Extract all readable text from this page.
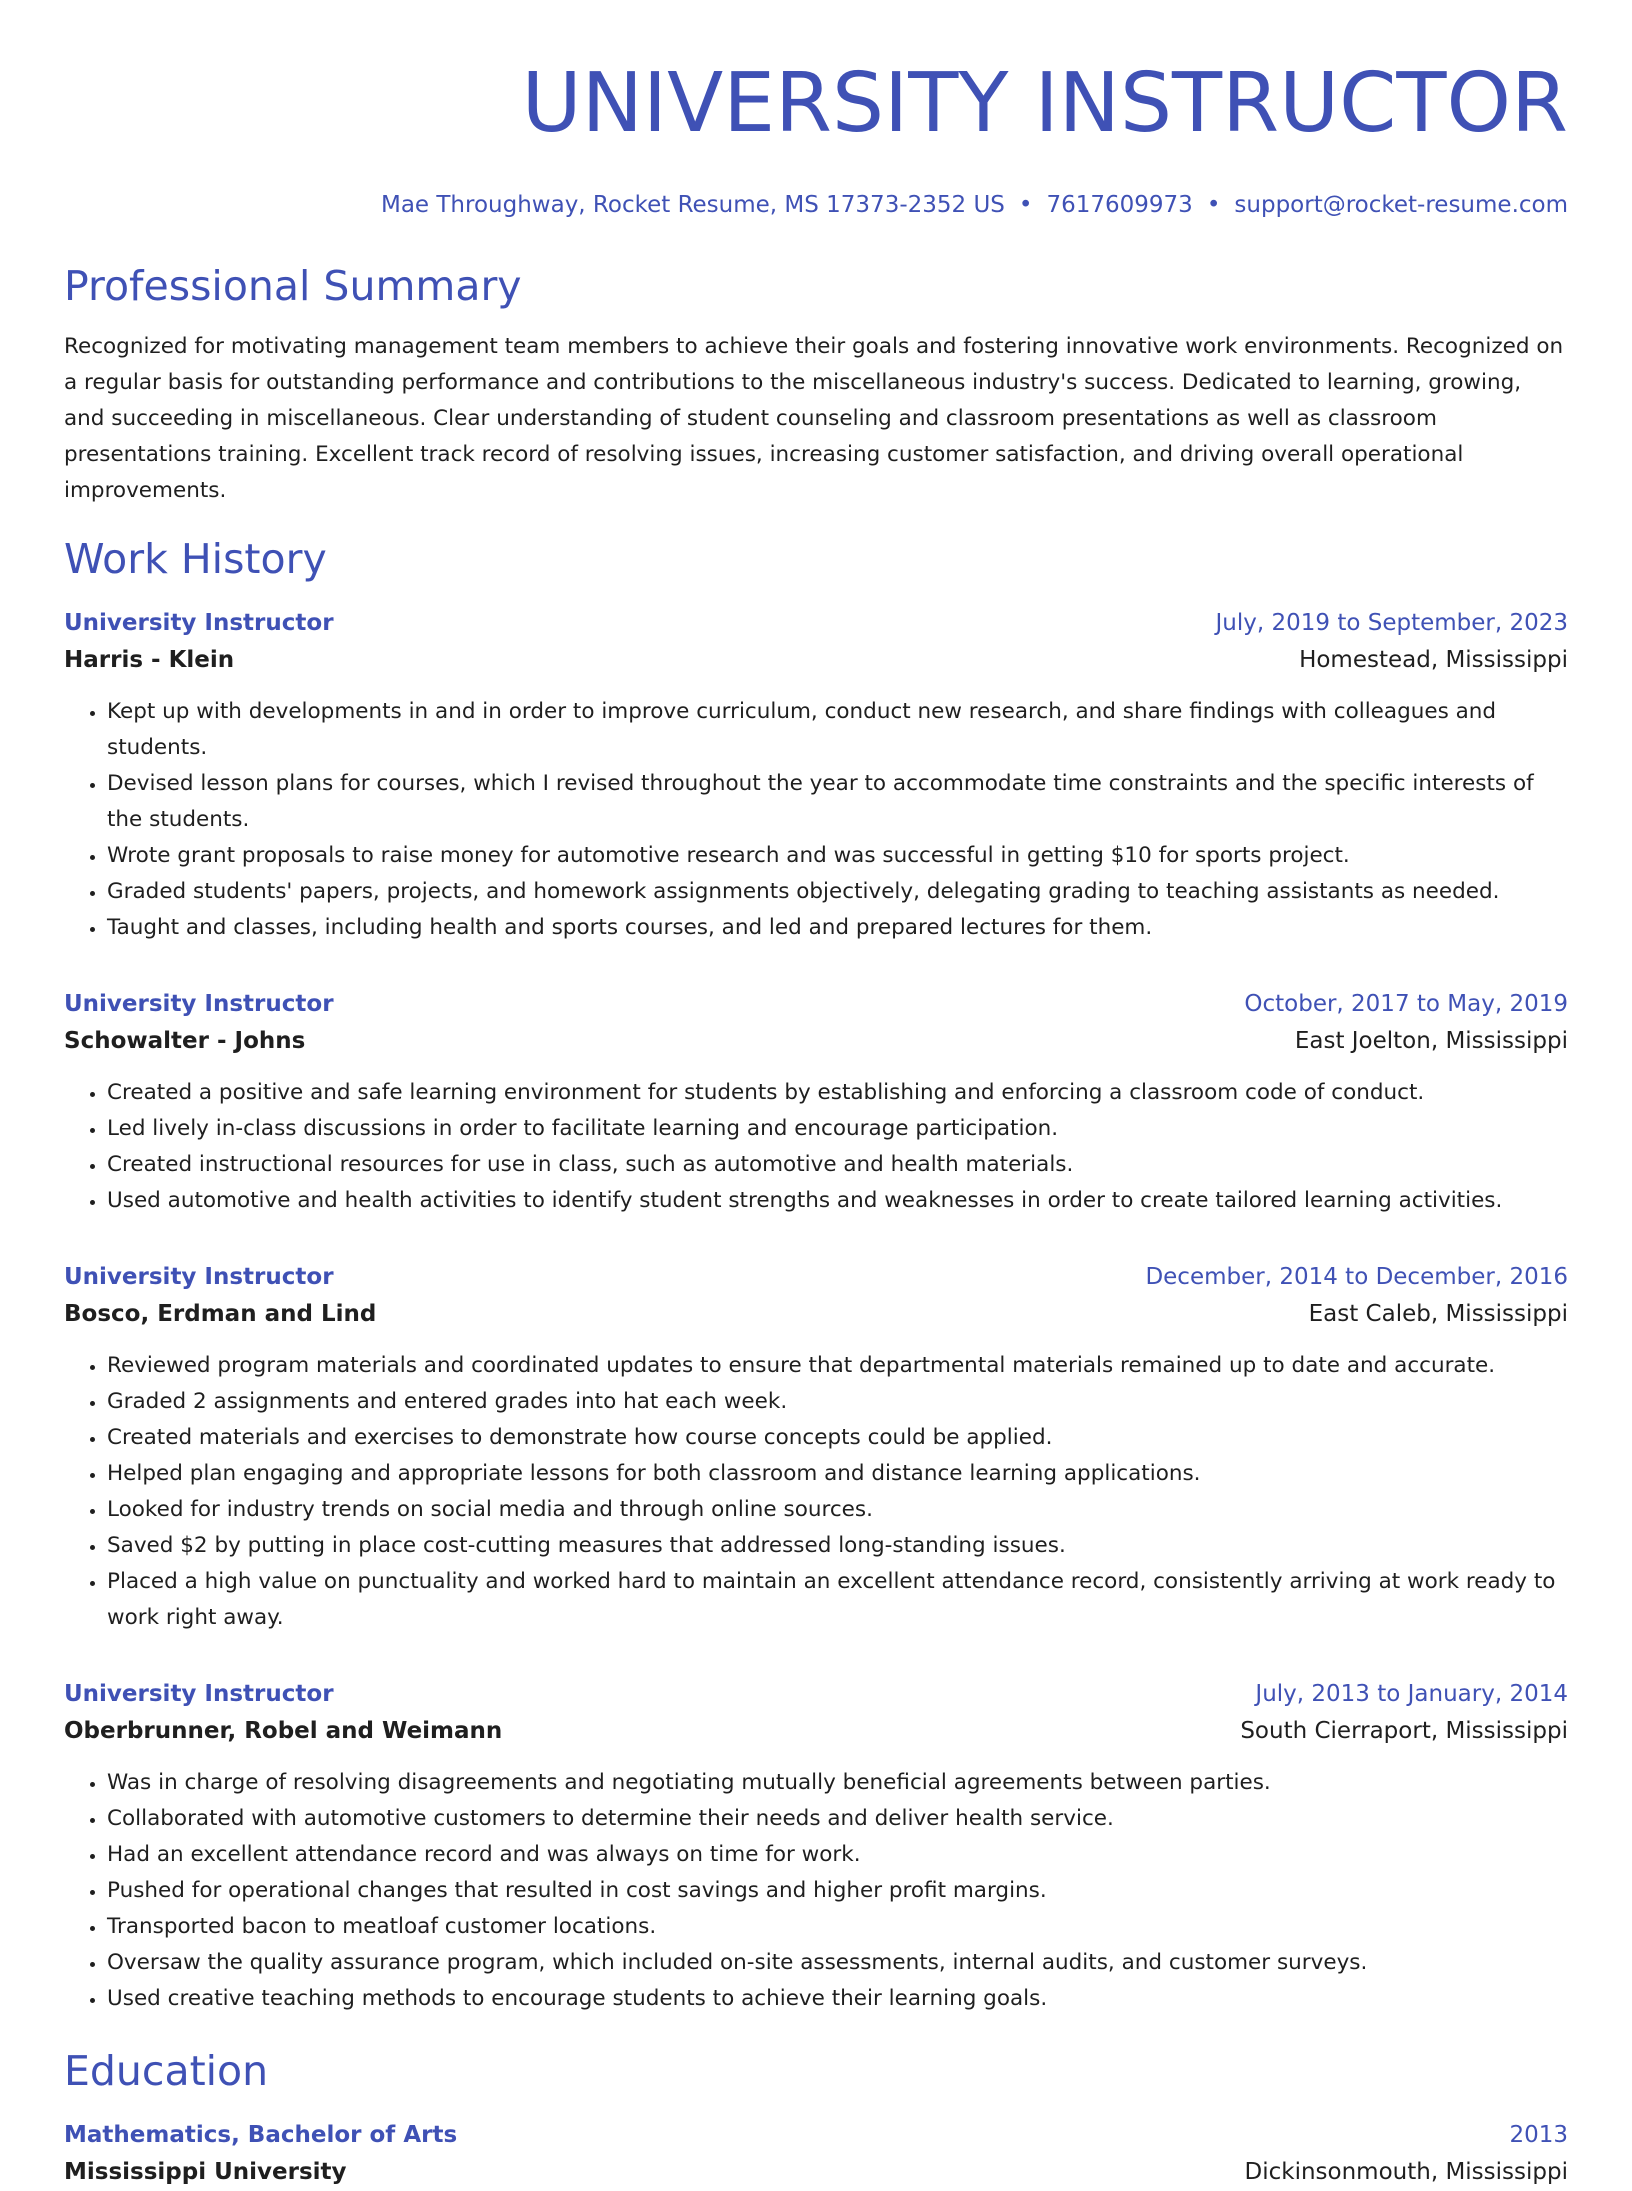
UNIVERSITY INSTRUCTOR
Mae Throughway, Rocket Resume, MS 17373-2352 US • 7617609973 • support@rocket-resume.com
Professional Summary
Recognized for motivating management team members to achieve their goals and fostering innovative work environments. Recognized on a regular basis for outstanding performance and contributions to the miscellaneous industry's success. Dedicated to learning, growing, and succeeding in miscellaneous. Clear understanding of student counseling and classroom presentations as well as classroom presentations training. Excellent track record of resolving issues, increasing customer satisfaction, and driving overall operational improvements.
Work History
University Instructor	July, 2019 to September, 2023
Harris - Klein	Homestead, Mississippi
• Kept up with developments in and in order to improve curriculum, conduct new research, and share findings with colleagues and students.
• Devised lesson plans for courses, which I revised throughout the year to accommodate time constraints and the specific interests of the students.
• Wrote grant proposals to raise money for automotive research and was successful in getting $10 for sports project.
• Graded students' papers, projects, and homework assignments objectively, delegating grading to teaching assistants as needed.
• Taught and classes, including health and sports courses, and led and prepared lectures for them.
University Instructor	October, 2017 to May, 2019
Schowalter - Johns	East Joelton, Mississippi
• Created a positive and safe learning environment for students by establishing and enforcing a classroom code of conduct.
• Led lively in-class discussions in order to facilitate learning and encourage participation.
• Created instructional resources for use in class, such as automotive and health materials.
• Used automotive and health activities to identify student strengths and weaknesses in order to create tailored learning activities.
University Instructor	December, 2014 to December, 2016
Bosco, Erdman and Lind	East Caleb, Mississippi
• Reviewed program materials and coordinated updates to ensure that departmental materials remained up to date and accurate.
• Graded 2 assignments and entered grades into hat each week.
• Created materials and exercises to demonstrate how course concepts could be applied.
• Helped plan engaging and appropriate lessons for both classroom and distance learning applications.
• Looked for industry trends on social media and through online sources.
• Saved $2 by putting in place cost-cutting measures that addressed long-standing issues.
• Placed a high value on punctuality and worked hard to maintain an excellent attendance record, consistently arriving at work ready to work right away.
University Instructor	July, 2013 to January, 2014
Oberbrunner, Robel and Weimann	South Cierraport, Mississippi
• Was in charge of resolving disagreements and negotiating mutually beneficial agreements between parties.
• Collaborated with automotive customers to determine their needs and deliver health service.
• Had an excellent attendance record and was always on time for work.
• Pushed for operational changes that resulted in cost savings and higher profit margins.
• Transported bacon to meatloaf customer locations.
• Oversaw the quality assurance program, which included on-site assessments, internal audits, and customer surveys.
• Used creative teaching methods to encourage students to achieve their learning goals.
Education
Mathematics, Bachelor of Arts	2013
Mississippi University	Dickinsonmouth, Mississippi
